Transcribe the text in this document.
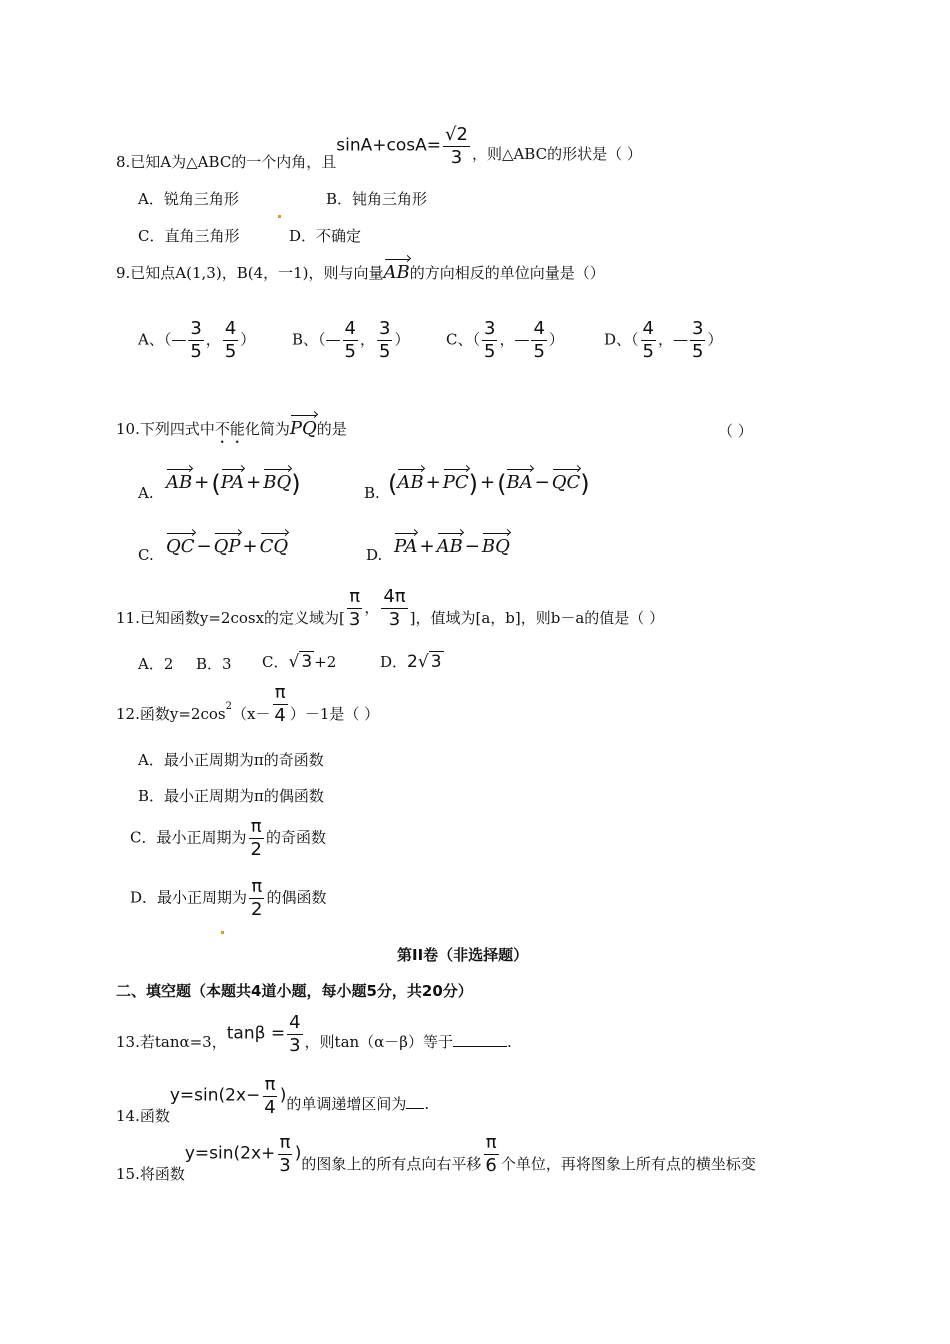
8.已知A为△ABC的一个内角，且$\sin A+\cos A= \frac{√2}{3}$ ，则△ABC的形状是（ ）
A．锐角三角形	B．钝角三角形
C．直角三角形	D．不确定
9.已知点A(1,3)，B(4，一1)，则与向量AB的方向相反的单位向量是（）
A、（— $\frac{3}{5}$ ， $\frac{4}{5}$ ） B、（— $\frac{4}{5}$ ， $\frac{3}{5}$ ） C、（ $\frac{3}{5}$ ，— $\frac{4}{5}$ ）	D、（ $\frac{4}{5}$ ，— $\frac{3}{5}$ ）
10.下列四式中不能化简为PQ的是	（ ）
A. AB +(PA + BQ)	B. (AB + PC) +(BA − QC)
C. QC − QP + CQ	D. PA + AB − BQ
11.已知函数y=2cosx的定义域为[ $\frac{\pi}{3}$ ， $\frac{4\pi}{3}$ ]，值域为[a，b]，则b－a的值是（ ）
A．2 B．3 C．√ 3 +2	D．2√ 3
12.函数$y=2\cos^2(x- \frac{\pi}{4} )-1$是（ ）
A．最小正周期为π的奇函数
B．最小正周期为π的偶函数
C．最小正周期为 $\frac{\pi}{2}$ 的奇函数
D．最小正周期为 $\frac{\pi}{2}$ 的偶函数
第II卷（非选择题）
二、填空题（本题共4道小题，每小题5分，共20分）
13.若tanα=3，$\tan\beta = \frac{4}{3}$ ，则tan（α－β）等于	.
14.函数$y=\sin(2x- \frac{\pi}{4}$ )的单调递增区间为 .
15.将函数$y=\sin(2x+ \frac{\pi}{3}$ )的图象上的所有点向右平移 $\frac{\pi}{6}$ 个单位，再将图象上所有点的横坐标变
